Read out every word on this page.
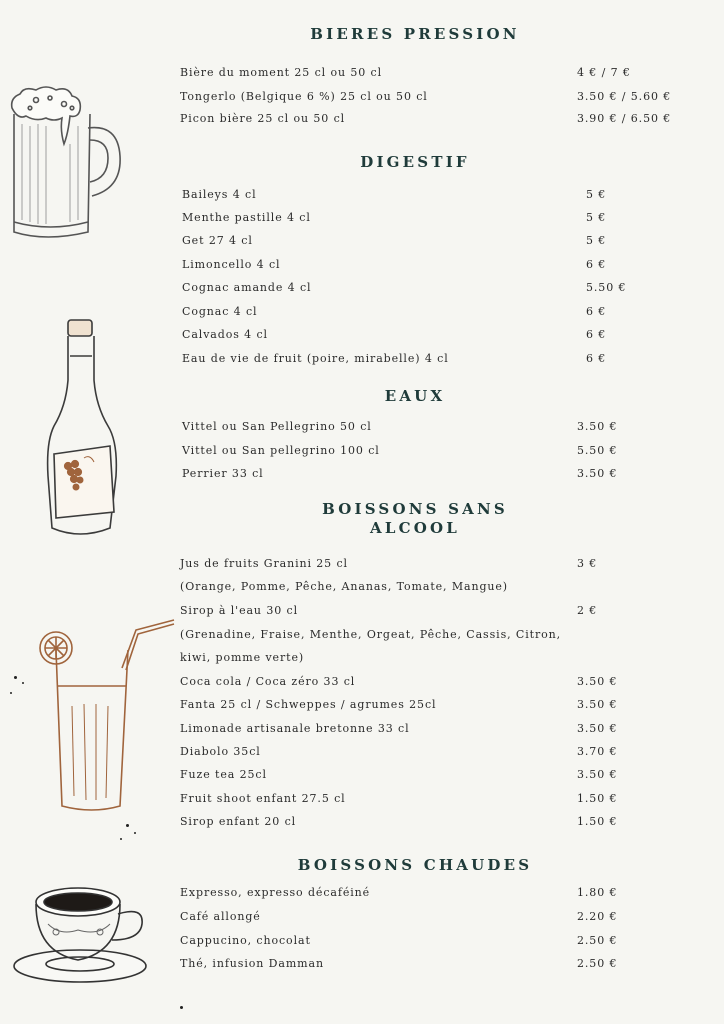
BIERES PRESSION
Bière du moment 25 cl ou 50 cl	4 € / 7 €
Tongerlo (Belgique 6 %) 25 cl ou 50 cl	3.50 € / 5.60 €
Picon bière 25 cl ou 50 cl	3.90 € / 6.50 €
DIGESTIF
Baileys 4 cl	5 €
Menthe pastille 4 cl	5 €
Get 27 4 cl	5 €
Limoncello 4 cl	6 €
Cognac amande 4 cl	5.50 €
Cognac 4 cl	6 €
Calvados 4 cl	6 €
Eau de vie de fruit (poire, mirabelle) 4 cl	6 €
EAUX
Vittel ou San Pellegrino 50 cl	3.50 €
Vittel ou San pellegrino 100 cl	5.50 €
Perrier 33 cl	3.50 €
BOISSONS SANS
ALCOOL
Jus de fruits Granini 25 cl	3 €
(Orange, Pomme, Pêche, Ananas, Tomate, Mangue)
Sirop à l'eau 30 cl	2 €
(Grenadine, Fraise, Menthe, Orgeat, Pêche, Cassis, Citron,
kiwi, pomme verte)
Coca cola / Coca zéro 33 cl	3.50 €
Fanta 25 cl / Schweppes / agrumes 25cl	3.50 €
Limonade artisanale bretonne 33 cl	3.50 €
Diabolo 35cl	3.70 €
Fuze tea 25cl	3.50 €
Fruit shoot enfant 27.5 cl	1.50 €
Sirop enfant 20 cl	1.50 €
BOISSONS CHAUDES
Expresso, expresso décaféiné	1.80 €
Café allongé	2.20 €
Cappucino, chocolat	2.50 €
Thé, infusion Damman	2.50 €
